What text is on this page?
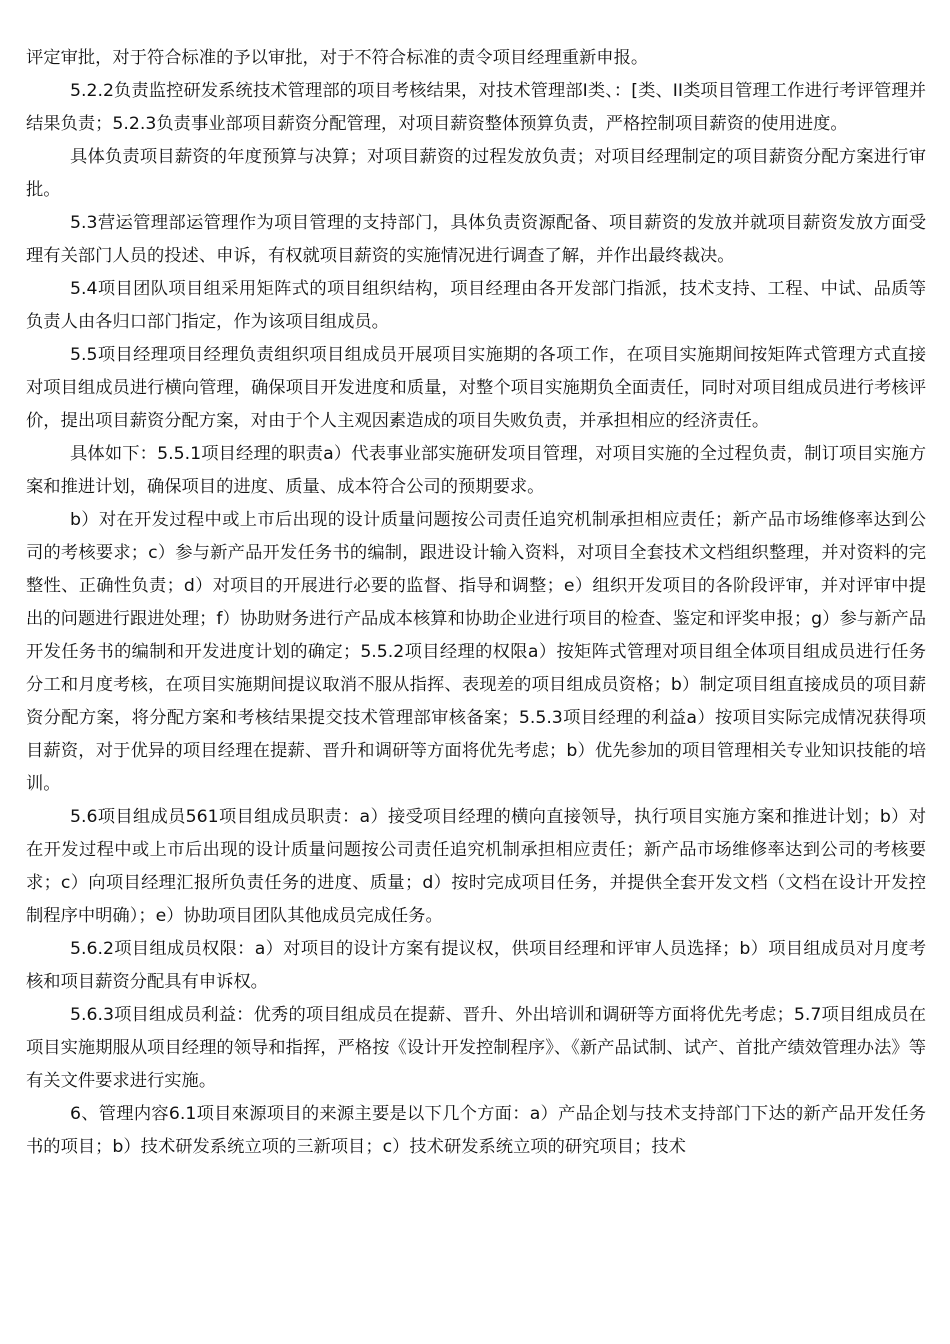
评定审批，对于符合标准的予以审批，对于不符合标准的责令项目经理重新申报。

5.2.2负责监控研发系统技术管理部的项目考核结果，对技术管理部I类、：[类、II类项目管理工作进行考评管理并结果负责；5.2.3负责事业部项目薪资分配管理，对项目薪资整体预算负责，严格控制项目薪资的使用进度。

具体负责项目薪资的年度预算与决算；对项目薪资的过程发放负责；对项目经理制定的项目薪资分配方案进行审批。

5.3营运管理部运管理作为项目管理的支持部门，具体负责资源配备、项目薪资的发放并就项目薪资发放方面受理有关部门人员的投述、申诉，有权就项目薪资的实施情况进行调查了解，并作出最终裁决。

5.4项目团队项目组采用矩阵式的项目组织结构，项目经理由各开发部门指派，技术支持、工程、中试、品质等负责人由各归口部门指定，作为该项目组成员。

5.5项目经理项目经理负责组织项目组成员开展项目实施期的各项工作，在项目实施期间按矩阵式管理方式直接对项目组成员进行横向管理，确保项目开发进度和质量，对整个项目实施期负全面责任，同时对项目组成员进行考核评价，提出项目薪资分配方案，对由于个人主观因素造成的项目失败负责，并承担相应的经济责任。

具体如下：5.5.1项目经理的职责a）代表事业部实施研发项目管理，对项目实施的全过程负责，制订项目实施方案和推进计划，确保项目的进度、质量、成本符合公司的预期要求。

b）对在开发过程中或上市后出现的设计质量问题按公司责任追究机制承担相应责任；新产品市场维修率达到公司的考核要求；c）参与新产品开发任务书的编制，跟进设计输入资料，对项目全套技术文档组织整理，并对资料的完整性、正确性负责；d）对项目的开展进行必要的监督、指导和调整；e）组织开发项目的各阶段评审，并对评审中提出的问题进行跟进处理；f）协助财务进行产品成本核算和协助企业进行项目的检查、鉴定和评奖申报；g）参与新产品开发任务书的编制和开发进度计划的确定；5.5.2项目经理的权限a）按矩阵式管理对项目组全体项目组成员进行任务分工和月度考核，在项目实施期间提议取消不服从指挥、表现差的项目组成员资格；b）制定项目组直接成员的项目薪资分配方案，将分配方案和考核结果提交技术管理部审核备案；5.5.3项目经理的利益a）按项目实际完成情况获得项目薪资，对于优异的项目经理在提薪、晋升和调研等方面将优先考虑；b）优先参加的项目管理相关专业知识技能的培训。

5.6项目组成员561项目组成员职责：a）接受项目经理的横向直接领导，执行项目实施方案和推进计划；b）对在开发过程中或上市后出现的设计质量问题按公司责任追究机制承担相应责任；新产品市场维修率达到公司的考核要求；c）向项目经理汇报所负责任务的进度、质量；d）按时完成项目任务，并提供全套开发文档（文档在设计开发控制程序中明确）；e）协助项目团队其他成员完成任务。

5.6.2项目组成员权限：a）对项目的设计方案有提议权，供项目经理和评审人员选择；b）项目组成员对月度考核和项目薪资分配具有申诉权。

5.6.3项目组成员利益：优秀的项目组成员在提薪、晋升、外出培训和调研等方面将优先考虑；5.7项目组成员在项目实施期服从项目经理的领导和指挥，严格按《设计开发控制程序》、《新产品试制、试产、首批产绩效管理办法》等有关文件要求进行实施。

6、管理内容6.1项目來源项目的来源主要是以下几个方面：a）产品企划与技术支持部门下达的新产品开发任务书的项目；b）技术研发系统立项的三新项目；c）技术研发系统立项的研究项目；技术
